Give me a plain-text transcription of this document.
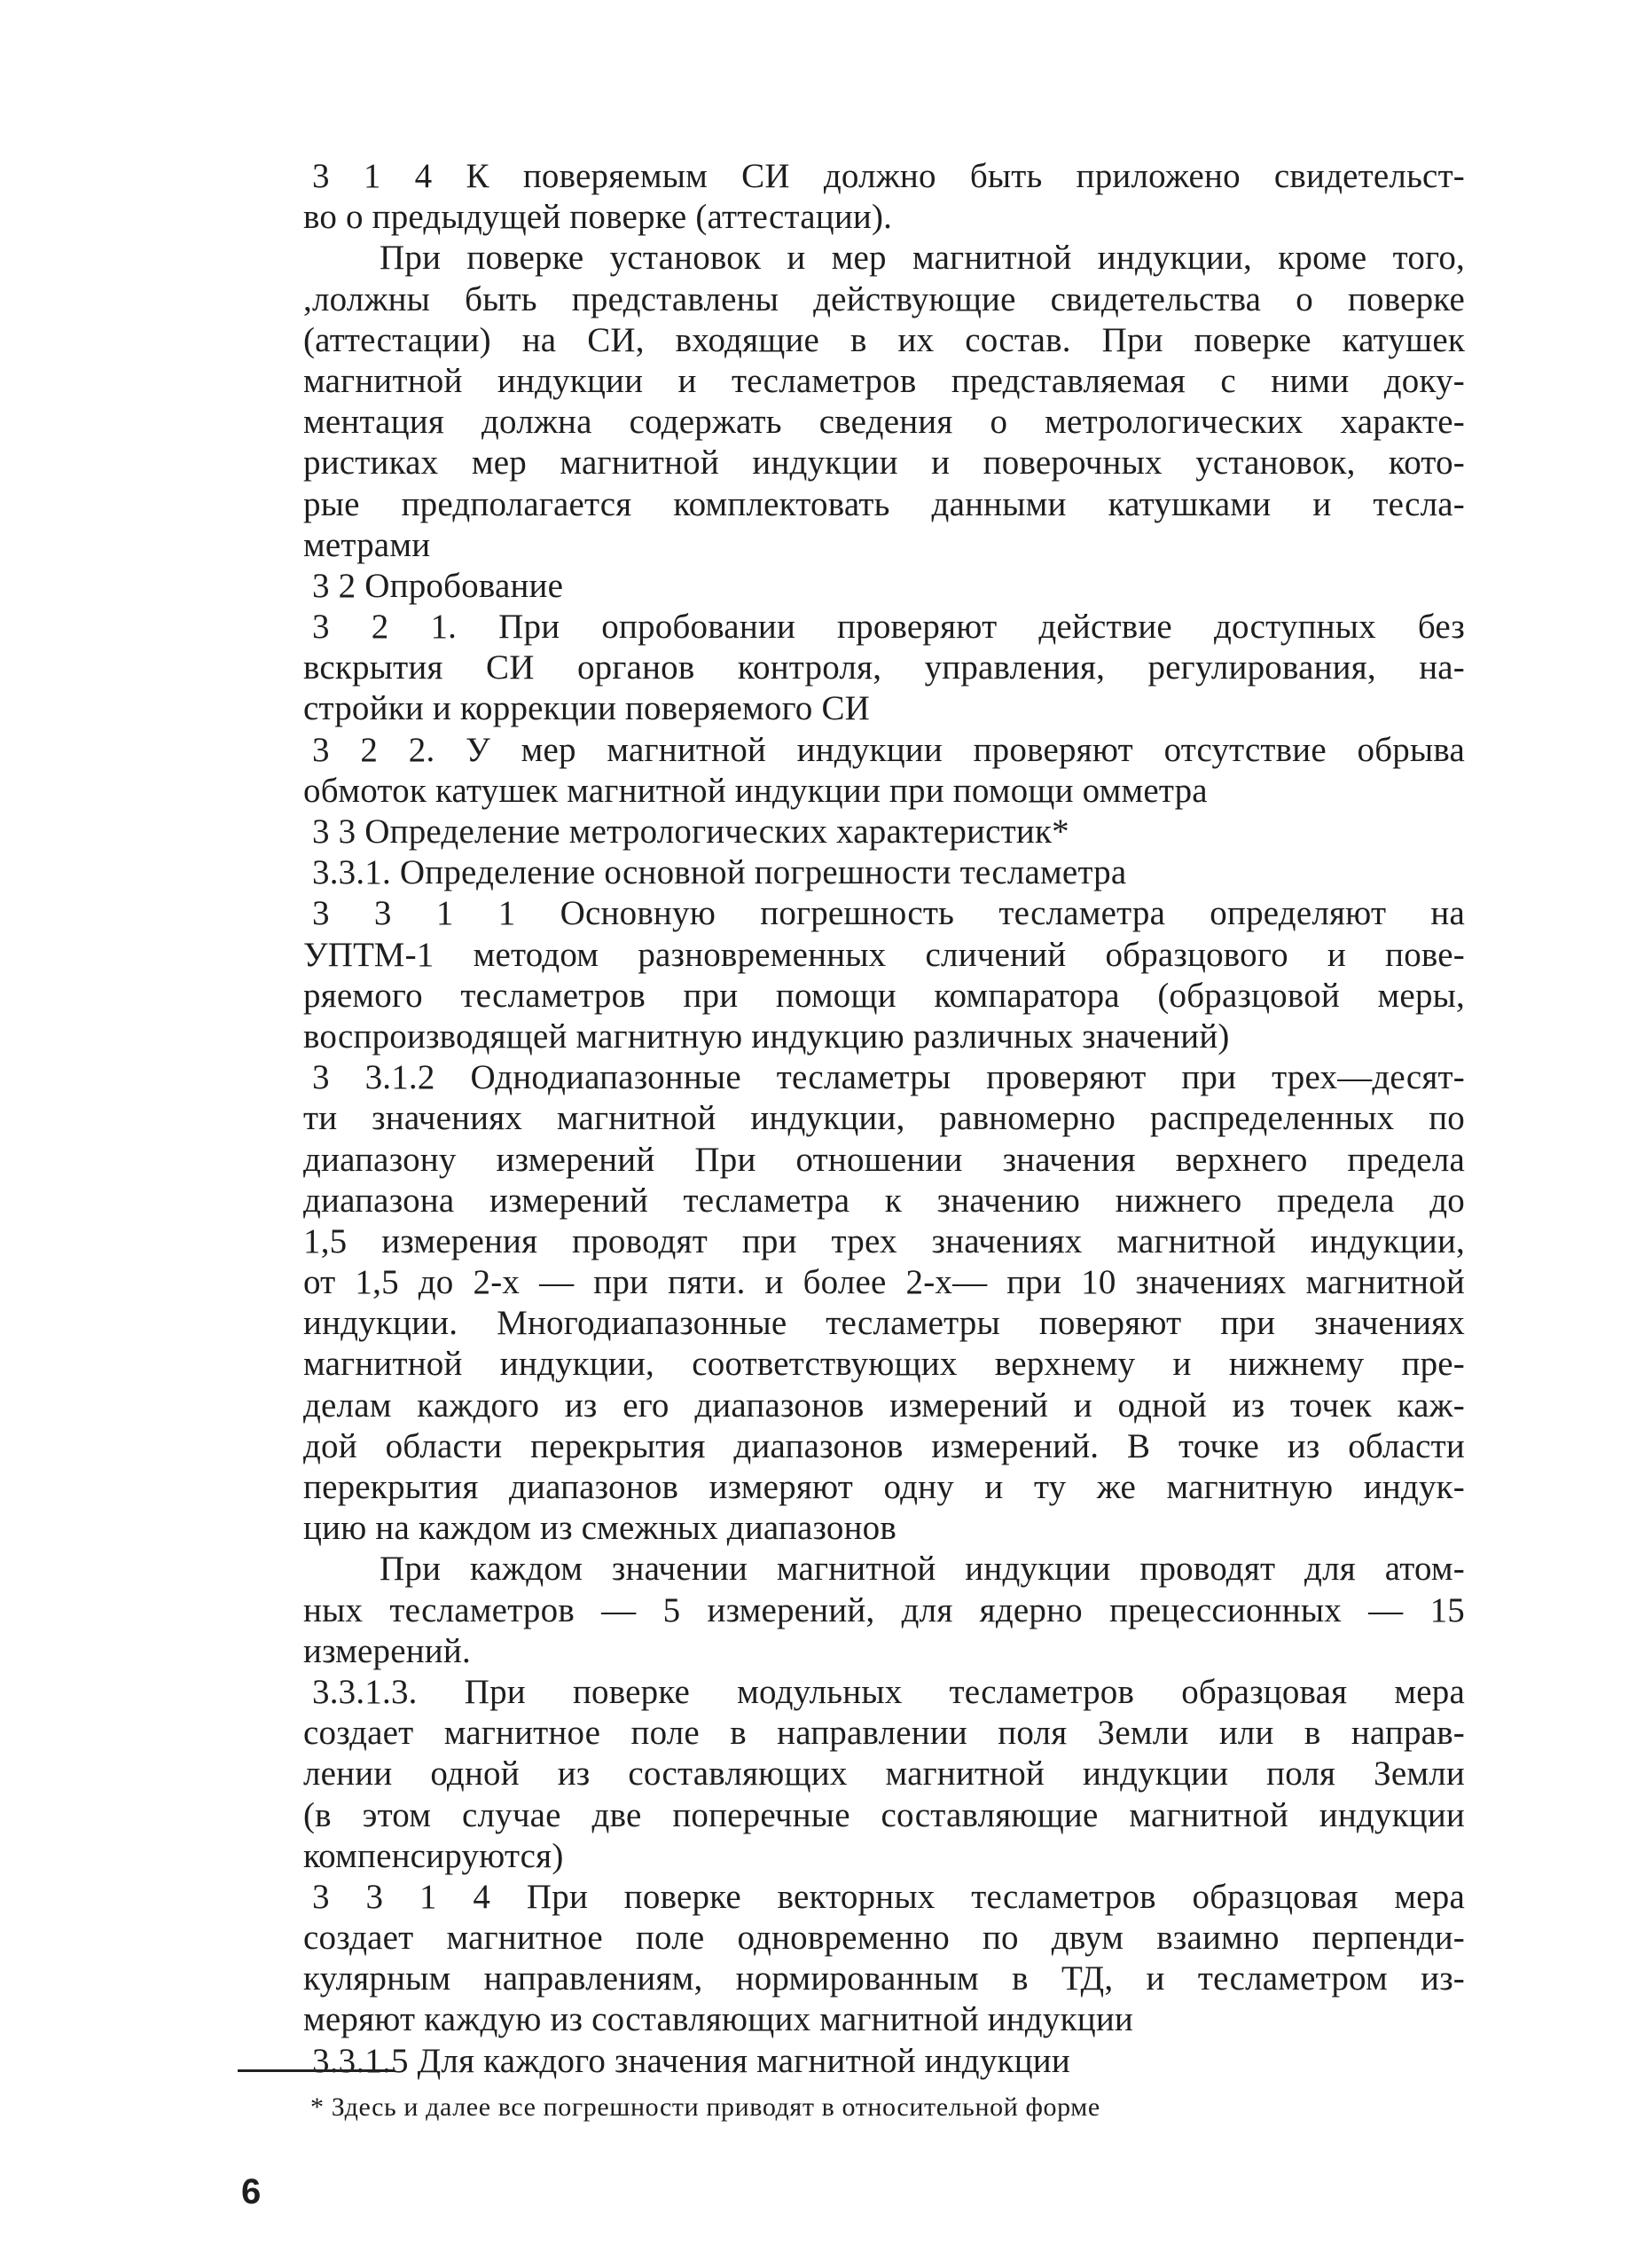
3 1 4 К поверяемым СИ должно быть приложено свидетельст-
во о предыдущей поверке (аттестации).
При поверке установок и мер магнитной индукции, кроме того,
,лолжны быть представлены действующие свидетельства о поверке
(аттестации) на СИ, входящие в их состав. При поверке катушек
магнитной индукции и тесламетров представляемая с ними доку-
ментация должна содержать сведения о метрологических характе-
ристиках мер магнитной индукции и поверочных установок, кото-
рые предполагается комплектовать данными катушками и тесла-
метрами
3 2 Опробование
3 2 1. При опробовании проверяют действие доступных без
вскрытия СИ органов контроля, управления, регулирования, на-
стройки и коррекции поверяемого СИ
3 2 2. У мер магнитной индукции проверяют отсутствие обрыва
обмоток катушек магнитной индукции при помощи омметра
3 3 Определение метрологических характеристик*
3.3.1. Определение основной погрешности тесламетра
3 3 1 1 Основную погрешность тесламетра определяют на
УПТМ-1 методом разновременных сличений образцового и пове-
ряемого тесламетров при помощи компаратора (образцовой меры,
воспроизводящей магнитную индукцию различных значений)
3 3.1.2 Однодиапазонные тесламетры проверяют при трех—десят-
ти значениях магнитной индукции, равномерно распределенных по
диапазону измерений При отношении значения верхнего предела
диапазона измерений тесламетра к значению нижнего предела до
1,5 измерения проводят при трех значениях магнитной индукции,
от 1,5 до 2-х — при пяти. и более 2-х— при 10 значениях магнитной
индукции. Многодиапазонные тесламетры поверяют при значениях
магнитной индукции, соответствующих верхнему и нижнему пре-
делам каждого из его диапазонов измерений и одной из точек каж-
дой области перекрытия диапазонов измерений. В точке из области
перекрытия диапазонов измеряют одну и ту же магнитную индук-
цию на каждом из смежных диапазонов
При каждом значении магнитной индукции проводят для атом-
ных тесламетров — 5 измерений, для ядерно прецессионных — 15
измерений.
3.3.1.3. При поверке модульных тесламетров образцовая мера
создает магнитное поле в направлении поля Земли или в направ-
лении одной из составляющих магнитной индукции поля Земли
(в этом случае две поперечные составляющие магнитной индукции
компенсируются)
3 3 1 4 При поверке векторных тесламетров образцовая мера
создает магнитное поле одновременно по двум взаимно перпенди-
кулярным направлениям, нормированным в ТД, и тесламетром из-
меряют каждую из составляющих магнитной индукции
3.3.1.5 Для каждого значения магнитной индукции
* Здесь и далее все погрешности приводят в относительной форме
6
